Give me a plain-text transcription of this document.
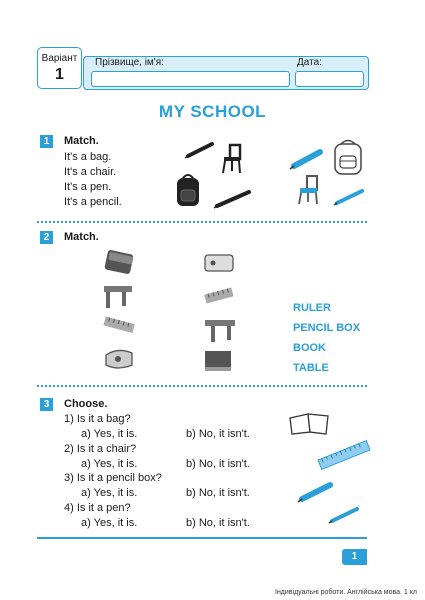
Варіант
1
Прізвище, ім'я:	Дата:
MY SCHOOL
1	Match.
It's a bag.
It's a chair.
It's a pen.
It's a pencil.
2	Match.
RULER
PENCIL BOX
BOOK
TABLE
3	Choose.
1) Is it a bag?
a) Yes, it is.	b) No, it isn't.
2) Is it a chair?
a) Yes, it is.	b) No, it isn't.
3) Is it a pencil box?
a) Yes, it is.	b) No, it isn't.
4) Is it a pen?
a) Yes, it is.	b) No, it isn't.
1
Індивідуальні роботи. Англійська мова. 1 кл
